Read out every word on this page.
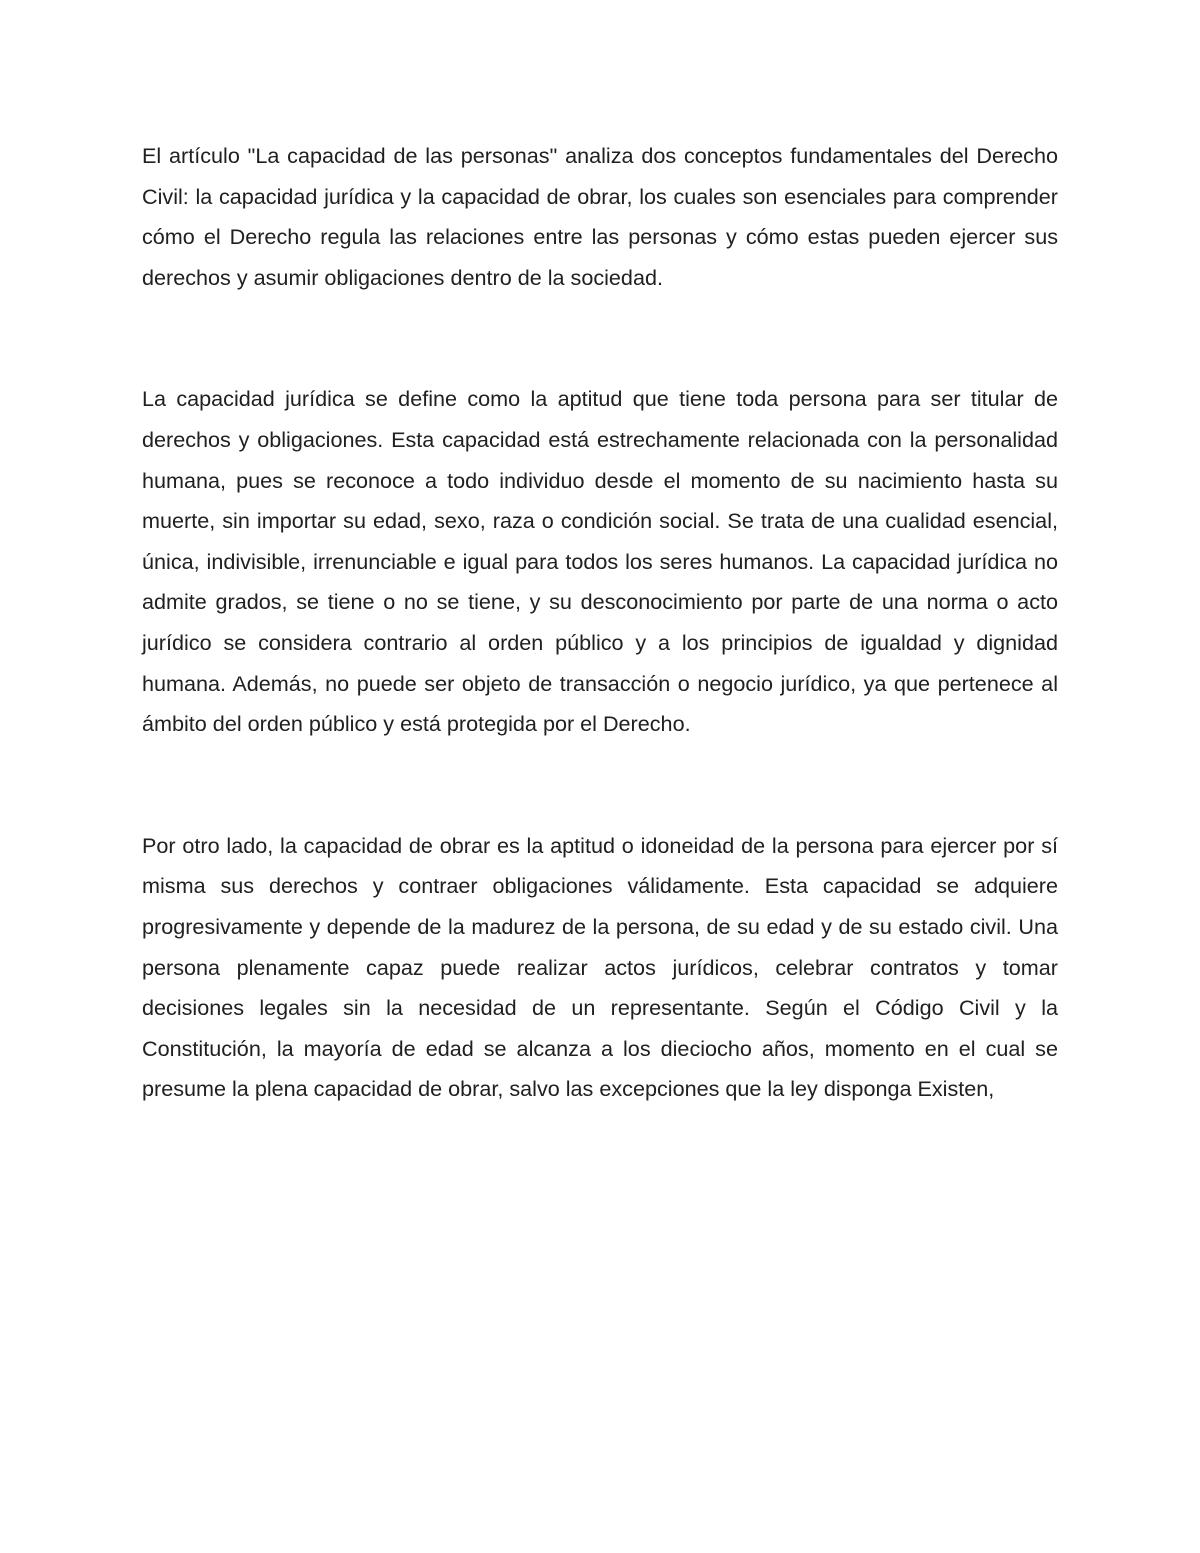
El artículo "La capacidad de las personas" analiza dos conceptos fundamentales del Derecho Civil: la capacidad jurídica y la capacidad de obrar, los cuales son esenciales para comprender cómo el Derecho regula las relaciones entre las personas y cómo estas pueden ejercer sus derechos y asumir obligaciones dentro de la sociedad.

La capacidad jurídica se define como la aptitud que tiene toda persona para ser titular de derechos y obligaciones. Esta capacidad está estrechamente relacionada con la personalidad humana, pues se reconoce a todo individuo desde el momento de su nacimiento hasta su muerte, sin importar su edad, sexo, raza o condición social. Se trata de una cualidad esencial, única, indivisible, irrenunciable e igual para todos los seres humanos. La capacidad jurídica no admite grados, se tiene o no se tiene, y su desconocimiento por parte de una norma o acto jurídico se considera contrario al orden público y a los principios de igualdad y dignidad humana. Además, no puede ser objeto de transacción o negocio jurídico, ya que pertenece al ámbito del orden público y está protegida por el Derecho.

Por otro lado, la capacidad de obrar es la aptitud o idoneidad de la persona para ejercer por sí misma sus derechos y contraer obligaciones válidamente. Esta capacidad se adquiere progresivamente y depende de la madurez de la persona, de su edad y de su estado civil. Una persona plenamente capaz puede realizar actos jurídicos, celebrar contratos y tomar decisiones legales sin la necesidad de un representante. Según el Código Civil y la Constitución, la mayoría de edad se alcanza a los dieciocho años, momento en el cual se presume la plena capacidad de obrar, salvo las excepciones que la ley disponga Existen,
